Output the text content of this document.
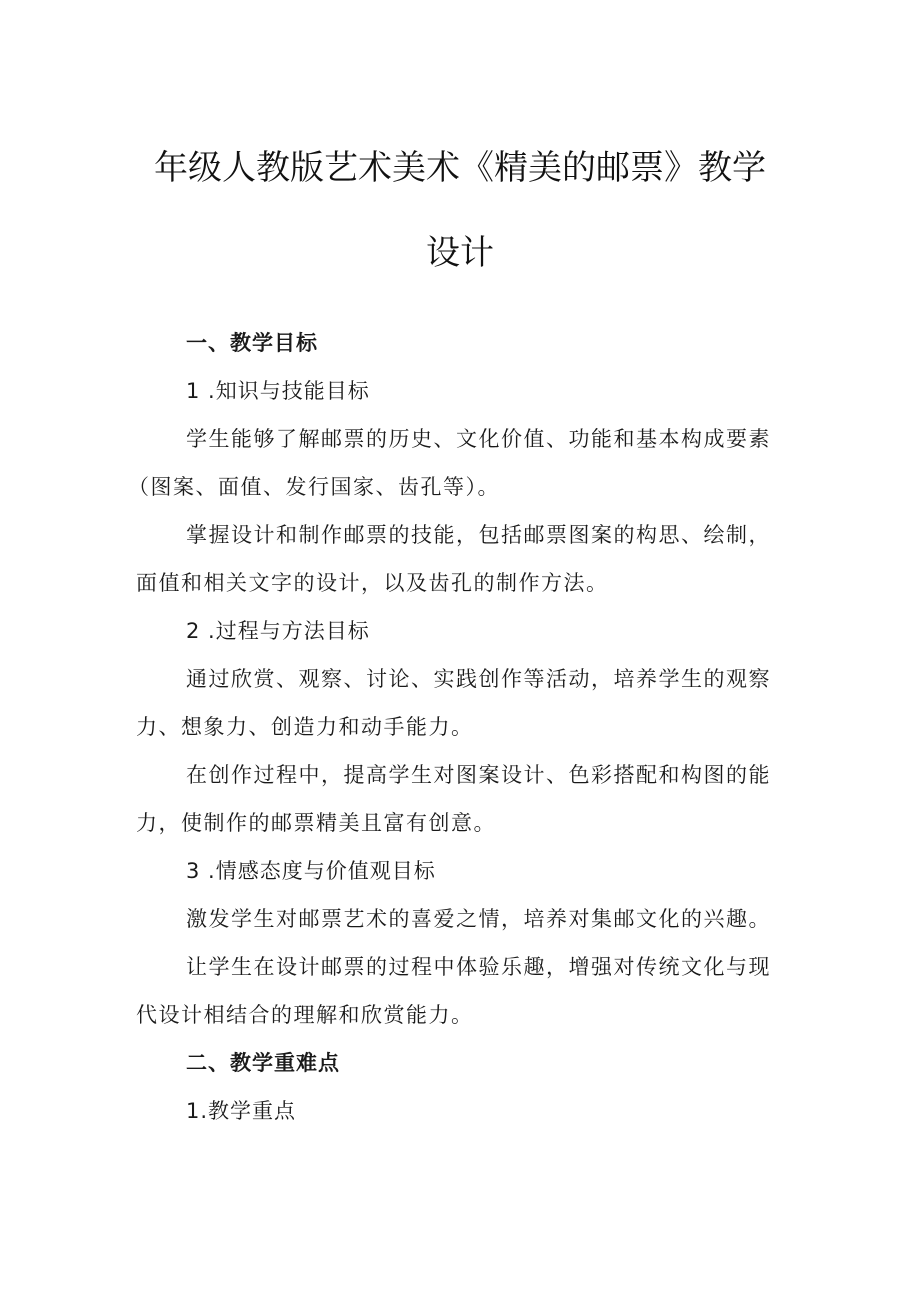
年级人教版艺术美术《精美的邮票》教学
设计
一、教学目标
1 .知识与技能目标
学生能够了解邮票的历史、文化价值、功能和基本构成要素
（图案、面值、发行国家、齿孔等）。
掌握设计和制作邮票的技能，包括邮票图案的构思、绘制，
面值和相关文字的设计，以及齿孔的制作方法。
2 .过程与方法目标
通过欣赏、观察、讨论、实践创作等活动，培养学生的观察
力、想象力、创造力和动手能力。
在创作过程中，提高学生对图案设计、色彩搭配和构图的能
力，使制作的邮票精美且富有创意。
3 .情感态度与价值观目标
激发学生对邮票艺术的喜爱之情，培养对集邮文化的兴趣。
让学生在设计邮票的过程中体验乐趣，增强对传统文化与现
代设计相结合的理解和欣赏能力。
二、教学重难点
1.教学重点
